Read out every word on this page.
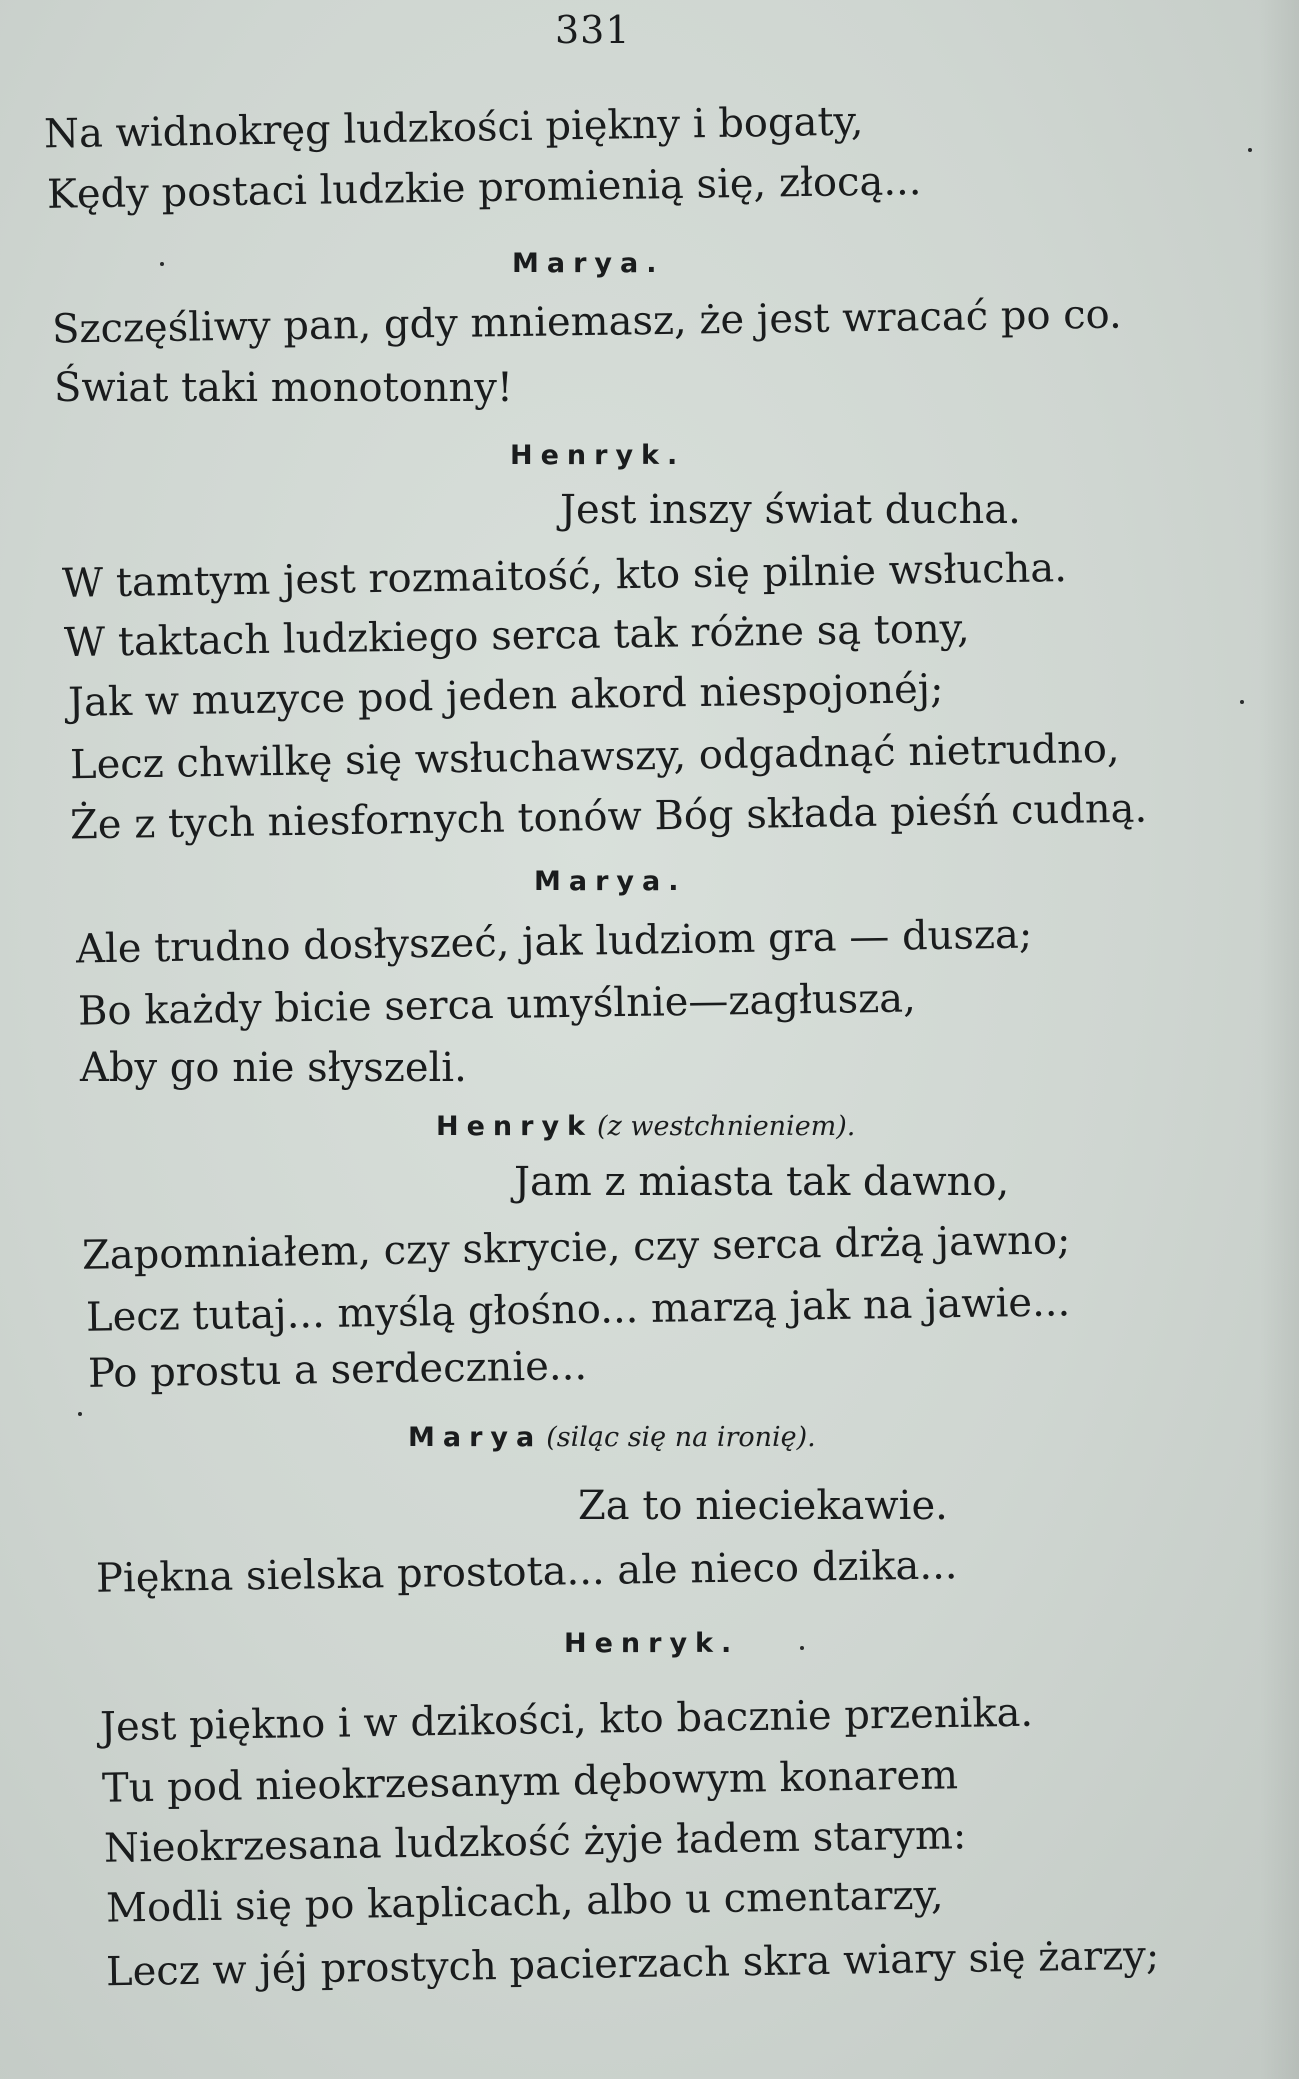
331
Na widnokręg ludzkości piękny i bogaty,
Kędy postaci ludzkie promienią się, złocą...
Marya.
Szczęśliwy pan, gdy mniemasz, że jest wracać po co.
Świat taki monotonny!
Henryk.
Jest inszy świat ducha.
W tamtym jest rozmaitość, kto się pilnie wsłucha.
W taktach ludzkiego serca tak różne są tony,
Jak w muzyce pod jeden akord niespojonéj;
Lecz chwilkę się wsłuchawszy, odgadnąć nietrudno,
Że z tych niesfornych tonów Bóg składa pieśń cudną.
Marya.
Ale trudno dosłyszeć, jak ludziom gra — dusza;
Bo każdy bicie serca umyślnie—zagłusza,
Aby go nie słyszeli.
Henryk (z westchnieniem).
Jam z miasta tak dawno,
Zapomniałem, czy skrycie, czy serca drżą jawno;
Lecz tutaj... myślą głośno... marzą jak na jawie...
Po prostu a serdecznie...
Marya (siląc się na ironię).
Za to nieciekawie.
Piękna sielska prostota... ale nieco dzika...
Henryk.
Jest piękno i w dzikości, kto bacznie przenika.
Tu pod nieokrzesanym dębowym konarem
Nieokrzesana ludzkość żyje ładem starym:
Modli się po kaplicach, albo u cmentarzy,
Lecz w jéj prostych pacierzach skra wiary się żarzy;
